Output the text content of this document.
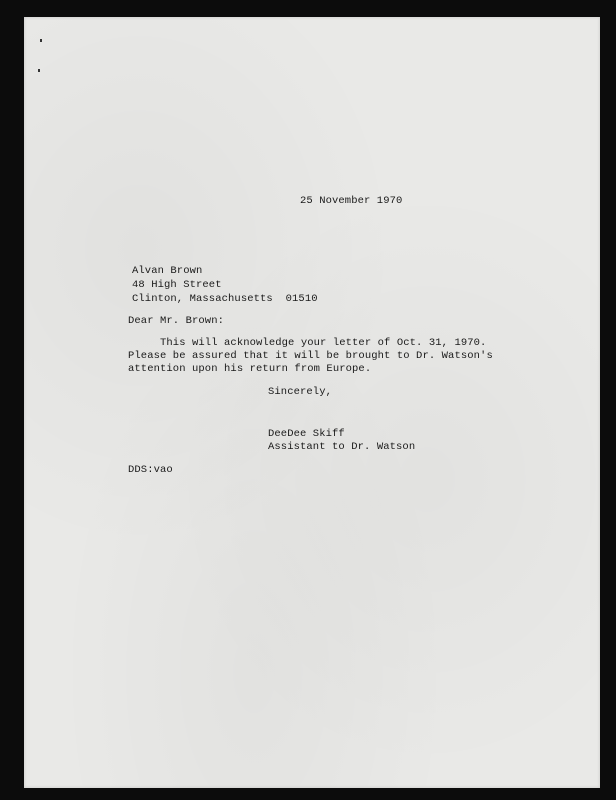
25 November 1970
Alvan Brown
48 High Street
Clinton, Massachusetts  01510
Dear Mr. Brown:
This will acknowledge your letter of Oct. 31, 1970.
Please be assured that it will be brought to Dr. Watson's
attention upon his return from Europe.
Sincerely,
DeeDee Skiff
Assistant to Dr. Watson
DDS:vao
